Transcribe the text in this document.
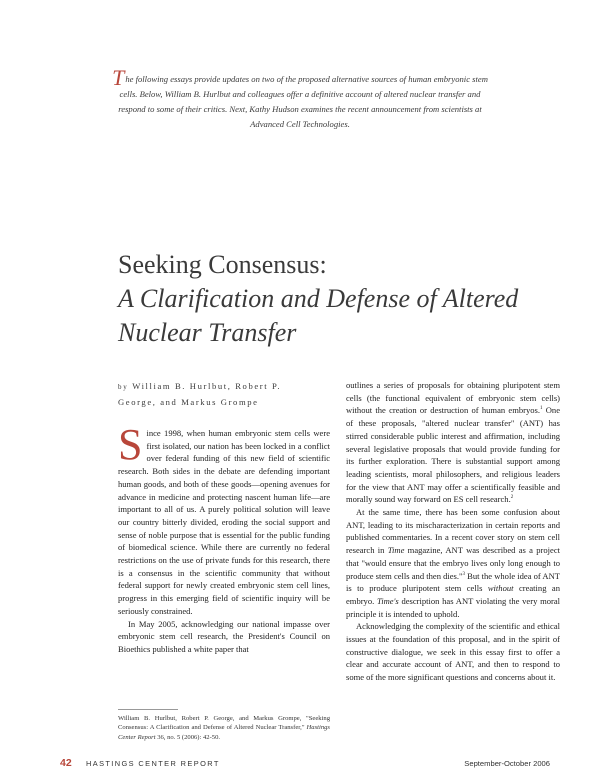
The following essays provide updates on two of the proposed alternative sources of human embryonic stem cells. Below, William B. Hurlbut and colleagues offer a definitive account of altered nuclear transfer and respond to some of their critics. Next, Kathy Hudson examines the recent announcement from scientists at Advanced Cell Technologies.
Seeking Consensus:
A Clarification and Defense of Altered
Nuclear Transfer
by William B. Hurlbut, Robert P.
George, and Markus Grompe

Since 1998, when human embryonic stem cells were first isolated, our nation has been locked in a conflict over federal funding of this new field of scientific research. Both sides in the debate are defending important human goods, and both of these goods—opening avenues for advance in medicine and protecting nascent human life—are important to all of us. A purely political solution will leave our country bitterly divided, eroding the social support and sense of noble purpose that is essential for the public funding of biomedical science. While there are currently no federal restrictions on the use of private funds for this research, there is a consensus in the scientific community that without federal support for newly created embryonic stem cell lines, progress in this emerging field of scientific inquiry will be seriously constrained.

In May 2005, acknowledging our national impasse over embryonic stem cell research, the President's Council on Bioethics published a white paper that

outlines a series of proposals for obtaining pluripotent stem cells (the functional equivalent of embryonic stem cells) without the creation or destruction of human embryos.$^1$ One of these proposals, "altered nuclear transfer" (ANT) has stirred considerable public interest and affirmation, including several legislative proposals that would provide funding for its further exploration. There is substantial support among leading scientists, moral philosophers, and religious leaders for the view that ANT may offer a scientifically feasible and morally sound way forward on ES cell research.$^2$

At the same time, there has been some confusion about ANT, leading to its mischaracterization in certain reports and published commentaries. In a recent cover story on stem cell research in Time magazine, ANT was described as a project that "would ensure that the embryo lives only long enough to produce stem cells and then dies."$^3$ But the whole idea of ANT is to produce pluripotent stem cells without creating an embryo. Time's description has ANT violating the very moral principle it is intended to uphold.

Acknowledging the complexity of the scientific and ethical issues at the foundation of this proposal, and in the spirit of constructive dialogue, we seek in this essay first to offer a clear and accurate account of ANT, and then to respond to some of the more significant questions and concerns about it.

William B. Hurlbut, Robert P. George, and Markus Grompe, "Seeking Consensus: A Clarification and Defense of Altered Nuclear Transfer," Hastings Center Report 36, no. 5 (2006): 42-50.
42 HASTINGS CENTER REPORT	September-October 2006
